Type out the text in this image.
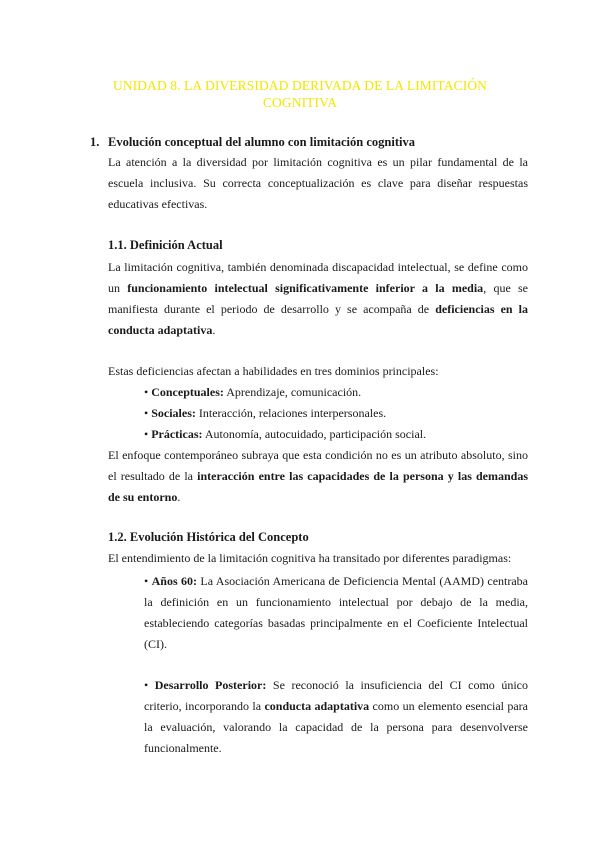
UNIDAD 8. LA DIVERSIDAD DERIVADA DE LA LIMITACIÓN COGNITIVA
1. Evolución conceptual del alumno con limitación cognitiva

La atención a la diversidad por limitación cognitiva es un pilar fundamental de la escuela inclusiva. Su correcta conceptualización es clave para diseñar respuestas educativas efectivas.

1.1. Definición Actual

La limitación cognitiva, también denominada discapacidad intelectual, se define como un funcionamiento intelectual significativamente inferior a la media, que se manifiesta durante el periodo de desarrollo y se acompaña de deficiencias en la conducta adaptativa.

Estas deficiencias afectan a habilidades en tres dominios principales:

• Conceptuales: Aprendizaje, comunicación.

• Sociales: Interacción, relaciones interpersonales.

• Prácticas: Autonomía, autocuidado, participación social.

El enfoque contemporáneo subraya que esta condición no es un atributo absoluto, sino el resultado de la interacción entre las capacidades de la persona y las demandas de su entorno.

1.2. Evolución Histórica del Concepto

El entendimiento de la limitación cognitiva ha transitado por diferentes paradigmas:

• Años 60: La Asociación Americana de Deficiencia Mental (AAMD) centraba la definición en un funcionamiento intelectual por debajo de la media, estableciendo categorías basadas principalmente en el Coeficiente Intelectual (CI).

• Desarrollo Posterior: Se reconoció la insuficiencia del CI como único criterio, incorporando la conducta adaptativa como un elemento esencial para la evaluación, valorando la capacidad de la persona para desenvolverse funcionalmente.
